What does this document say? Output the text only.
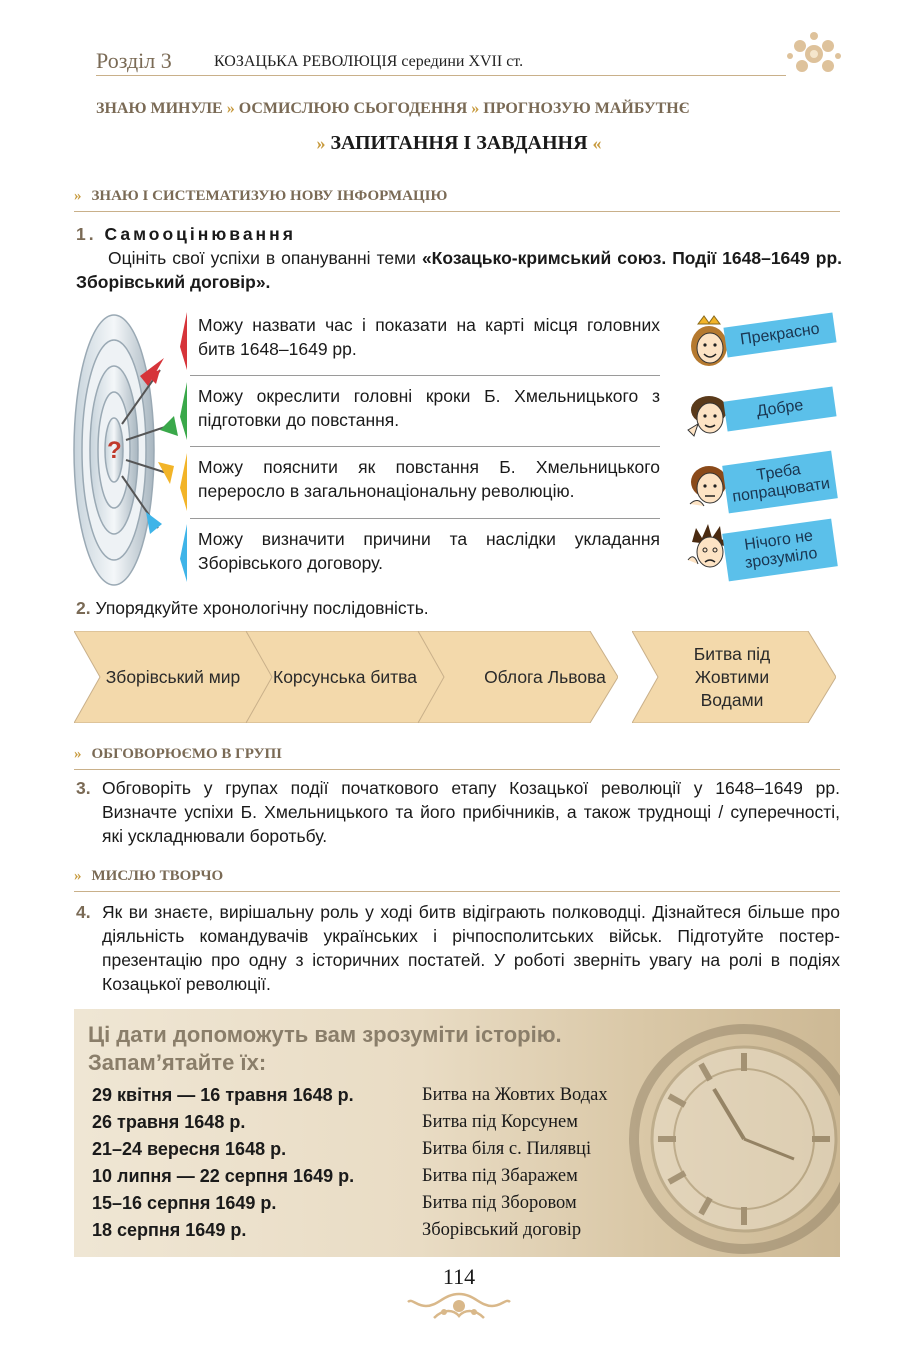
Розділ 3	КОЗАЦЬКА РЕВОЛЮЦІЯ середини XVII ст.
ЗНАЮ МИНУЛЕ » ОСМИСЛЮЮ СЬОГОДЕННЯ » ПРОГНОЗУЮ МАЙБУТНЄ
» ЗАПИТАННЯ І ЗАВДАННЯ «
» ЗНАЮ І СИСТЕМАТИЗУЮ НОВУ ІНФОРМАЦІЮ
1. Самооцінювання
Оцініть свої успіхи в опануванні теми «Козацько-кримський союз. Події 1648–1649 рр. Зборівський договір».
?
Можу назвати час і показати на карті місця головних битв 1648–1649 рр.
Можу окреслити головні кроки Б. Хмельницького з підготовки до повстання.
Можу пояснити як повстання Б. Хмельницького переросло в загальнонаціональну революцію.
Можу визначити причини та наслідки укладання Зборівського договору.
Прекрасно
Добре
Треба попрацювати
Нічого не зрозуміло
2. Упорядкуйте хронологічну послідовність.
Зборівський мир	Корсунська битва	Облога Львова
Битва під Жовтими Водами
» ОБГОВОРЮЄМО В ГРУПІ
3. Обговоріть у групах події початкового етапу Козацької революції у 1648–1649 рр. Визначте успіхи Б. Хмельницького та його прибічників, а також труднощі / суперечності, які ускладнювали боротьбу.
» МИСЛЮ ТВОРЧО
4. Як ви знаєте, вирішальну роль у ході битв відіграють полководці. Дізнайтеся більше про діяльність командувачів українських і річпосполитських військ. Підготуйте постер-презентацію про одну з історичних постатей. У роботі зверніть увагу на ролі в подіях Козацької революції.
Ці дати допоможуть вам зрозуміти історію.
Запам’ятайте їх:
29 квітня — 16 травня 1648 р.	Битва на Жовтих Водах
26 травня 1648 р.	Битва під Корсунем
21–24 вересня 1648 р.	Битва біля с. Пилявці
10 липня — 22 серпня 1649 р.	Битва під Збаражем
15–16 серпня 1649 р.	Битва під Зборовом
18 серпня 1649 р.	Зборівський договір
114
